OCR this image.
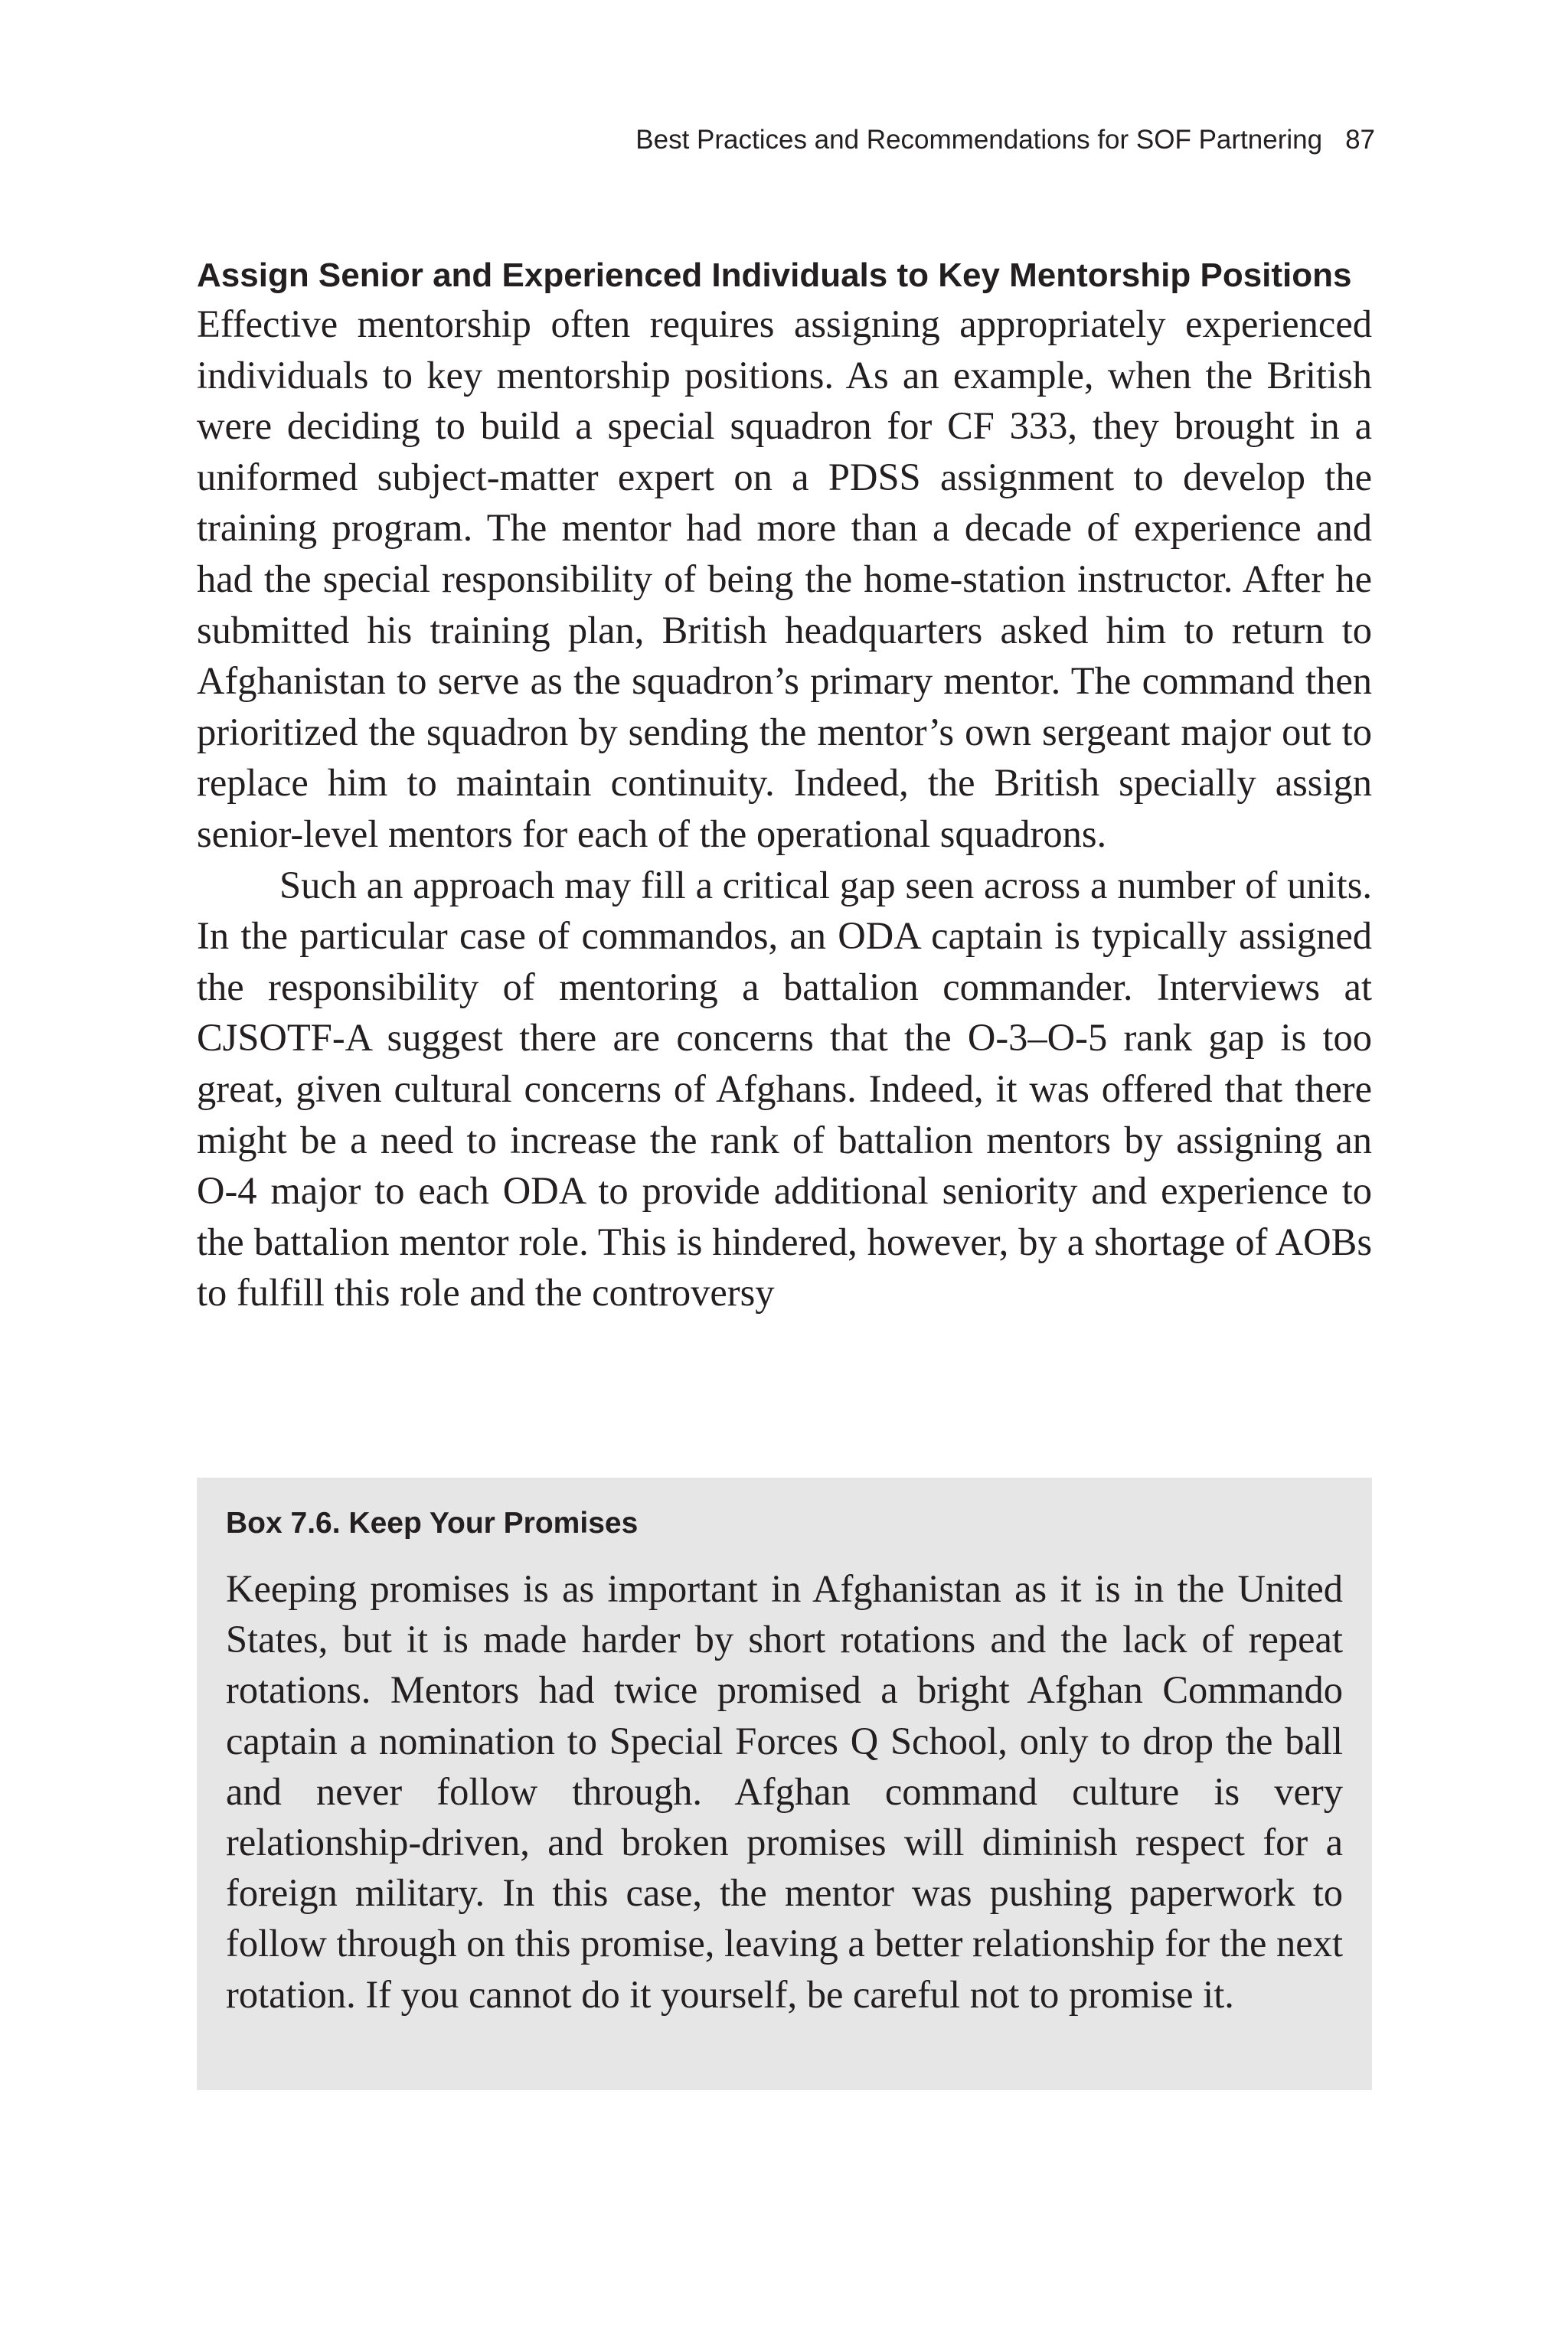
Best Practices and Recommendations for SOF Partnering 87
Assign Senior and Experienced Individuals to Key Mentorship Positions

Effective mentorship often requires assigning appropriately experienced individuals to key mentorship positions. As an example, when the British were deciding to build a special squadron for CF 333, they brought in a uniformed subject-matter expert on a PDSS assignment to develop the training program. The mentor had more than a decade of experience and had the special responsibility of being the home-station instructor. After he submitted his training plan, British headquarters asked him to return to Afghanistan to serve as the squadron’s primary mentor. The command then prioritized the squadron by sending the mentor’s own sergeant major out to replace him to maintain continuity. Indeed, the British specially assign senior-level mentors for each of the operational squadrons.

Such an approach may fill a critical gap seen across a number of units. In the particular case of commandos, an ODA captain is typically assigned the responsibility of mentoring a battalion commander. Interviews at CJSOTF-A suggest there are concerns that the O-3–O-5 rank gap is too great, given cultural concerns of Afghans. Indeed, it was offered that there might be a need to increase the rank of battalion mentors by assigning an O-4 major to each ODA to provide additional seniority and experience to the battalion mentor role. This is hindered, however, by a shortage of AOBs to fulfill this role and the controversy

Box 7.6. Keep Your Promises

Keeping promises is as important in Afghanistan as it is in the United States, but it is made harder by short rotations and the lack of repeat rotations. Mentors had twice promised a bright Afghan Commando captain a nomination to Special Forces Q School, only to drop the ball and never follow through. Afghan command culture is very relationship-driven, and broken promises will diminish respect for a foreign military. In this case, the mentor was pushing paperwork to follow through on this promise, leaving a better relationship for the next rotation. If you cannot do it yourself, be careful not to promise it.
